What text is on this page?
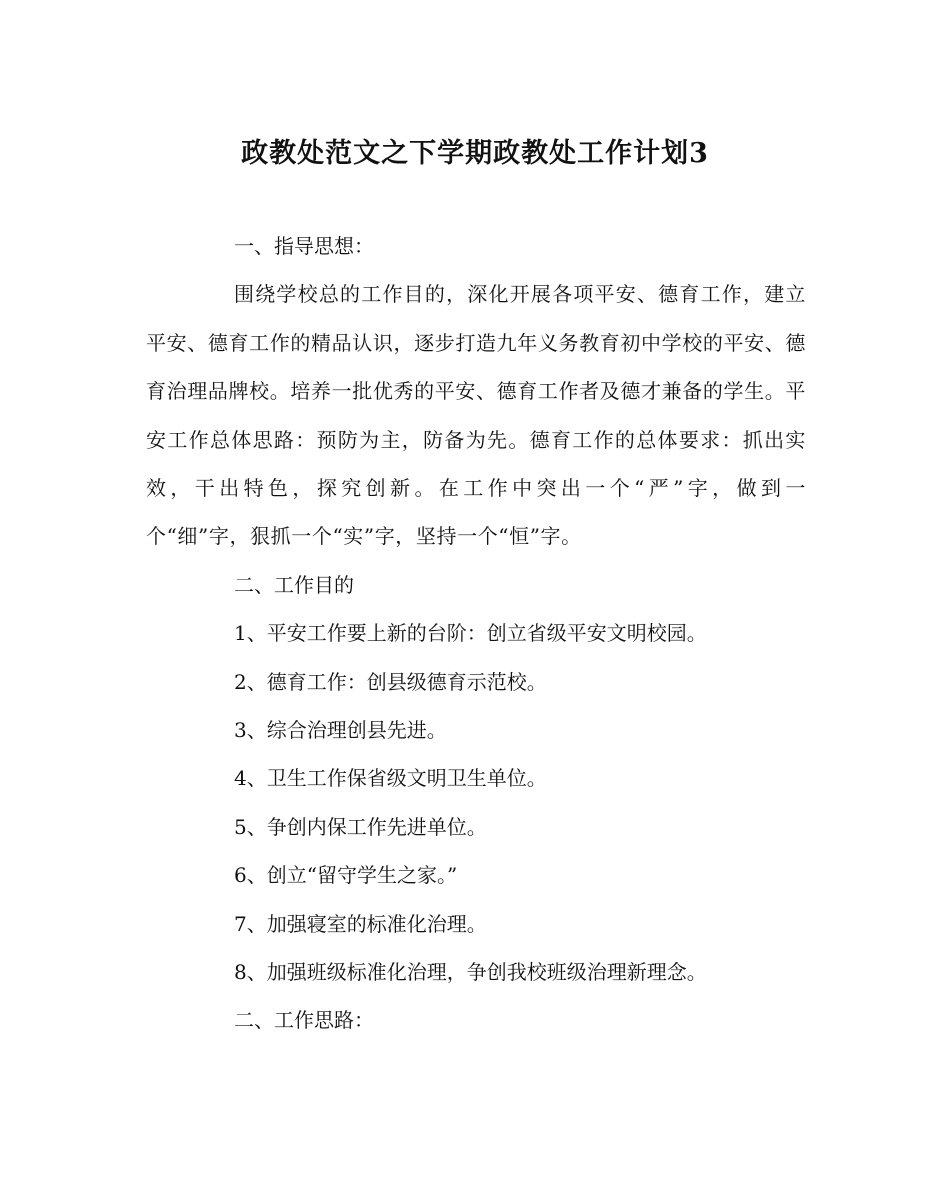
政教处范文之下学期政教处工作计划3
一、指导思想：

围绕学校总的工作目的，深化开展各项平安、德育工作，建立平安、德育工作的精品认识，逐步打造九年义务教育初中学校的平安、德育治理品牌校。培养一批优秀的平安、德育工作者及德才兼备的学生。平安工作总体思路：预防为主，防备为先。德育工作的总体要求：抓出实效，干出特色，探究创新。在工作中突出一个“严”字，做到一个“细”字，狠抓一个“实”字，坚持一个“恒”字。

二、工作目的
1、平安工作要上新的台阶：创立省级平安文明校园。
2、德育工作：创县级德育示范校。
3、综合治理创县先进。
4、卫生工作保省级文明卫生单位。
5、争创内保工作先进单位。
6、创立“留守学生之家。”
7、加强寝室的标准化治理。
8、加强班级标准化治理，争创我校班级治理新理念。
二、工作思路：
